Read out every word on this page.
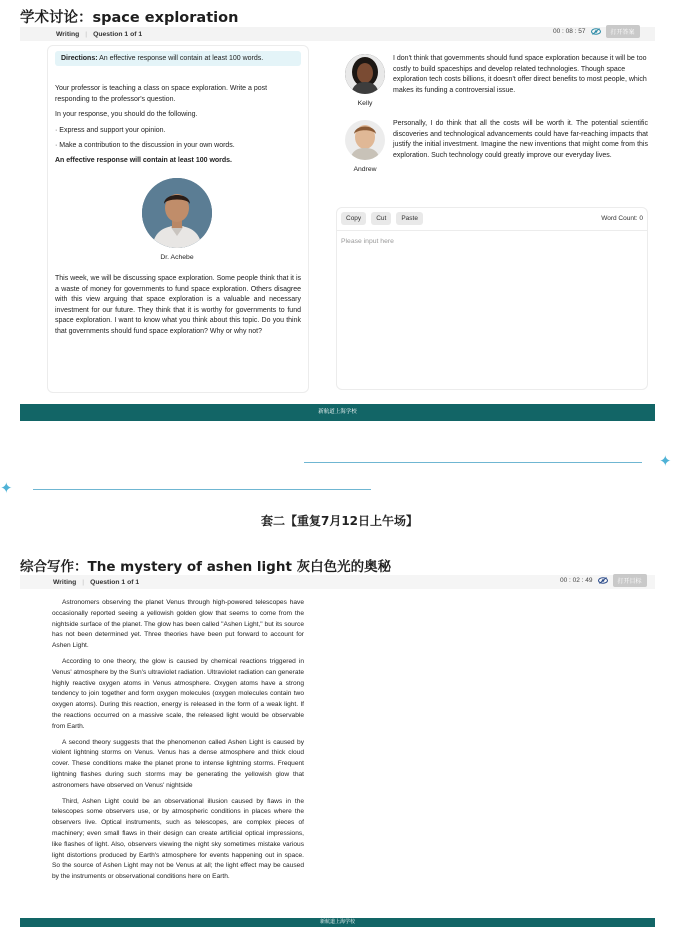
学术讨论：space exploration
Writing | Question 1 of 1	00 : 08 : 57	打开答案
Directions: An effective response will contain at least 100 words.
Your professor is teaching a class on space exploration. Write a post responding to the professor's question.
In your response, you should do the following.
· Express and support your opinion.
· Make a contribution to the discussion in your own words.
An effective response will contain at least 100 words.
Dr. Achebe
This week, we will be discussing space exploration. Some people think that it is a waste of money for governments to fund space exploration. Others disagree with this view arguing that space exploration is a valuable and necessary investment for our future. They think that it is worthy for governments to fund space exploration. I want to know what you think about this topic. Do you think that governments should fund space exploration? Why or why not?
Kelly
I don't think that governments should fund space exploration because it will be too costly to build spaceships and develop related technologies. Though space exploration tech costs billions, it doesn't offer direct benefits to most people, which makes its funding a controversial issue.
Andrew
Personally, I do think that all the costs will be worth it. The potential scientific discoveries and technological advancements could have far-reaching impacts that justify the initial investment. Imagine the new inventions that might come from this exploration. Such technology could greatly improve our everyday lives.
Copy	Cut	Paste	Word Count: 0
Please input here
新航道上海学校
✦
✦
套二【重复7月12日上午场】
综合写作：The mystery of ashen light 灰白色光的奥秘
Writing | Question 1 of 1	00 : 02 : 49	打开目标

Astronomers observing the planet Venus through high-powered telescopes have occasionally reported seeing a yellowish golden glow that seems to come from the nightside surface of the planet. The glow has been called "Ashen Light," but its source has not been determined yet. Three theories have been put forward to account for Ashen Light.

According to one theory, the glow is caused by chemical reactions triggered in Venus' atmosphere by the Sun's ultraviolet radiation. Ultraviolet radiation can generate highly reactive oxygen atoms in Venus atmosphere. Oxygen atoms have a strong tendency to join together and form oxygen molecules (oxygen molecules contain two oxygen atoms). During this reaction, energy is released in the form of a weak light. If the reactions occurred on a massive scale, the released light would be observable from Earth.

A second theory suggests that the phenomenon called Ashen Light is caused by violent lightning storms on Venus. Venus has a dense atmosphere and thick cloud cover. These conditions make the planet prone to intense lightning storms. Frequent lightning flashes during such storms may be generating the yellowish glow that astronomers have observed on Venus' nightside

Third, Ashen Light could be an observational illusion caused by flaws in the telescopes some observers use, or by atmospheric conditions in places where the observers live. Optical instruments, such as telescopes, are complex pieces of machinery; even small flaws in their design can create artificial optical impressions, like flashes of light. Also, observers viewing the night sky sometimes mistake various light distortions produced by Earth's atmosphere for events happening out in space. So the source of Ashen Light may not be Venus at all; the light effect may be caused by the instruments or observational conditions here on Earth.

新航道上海学校
